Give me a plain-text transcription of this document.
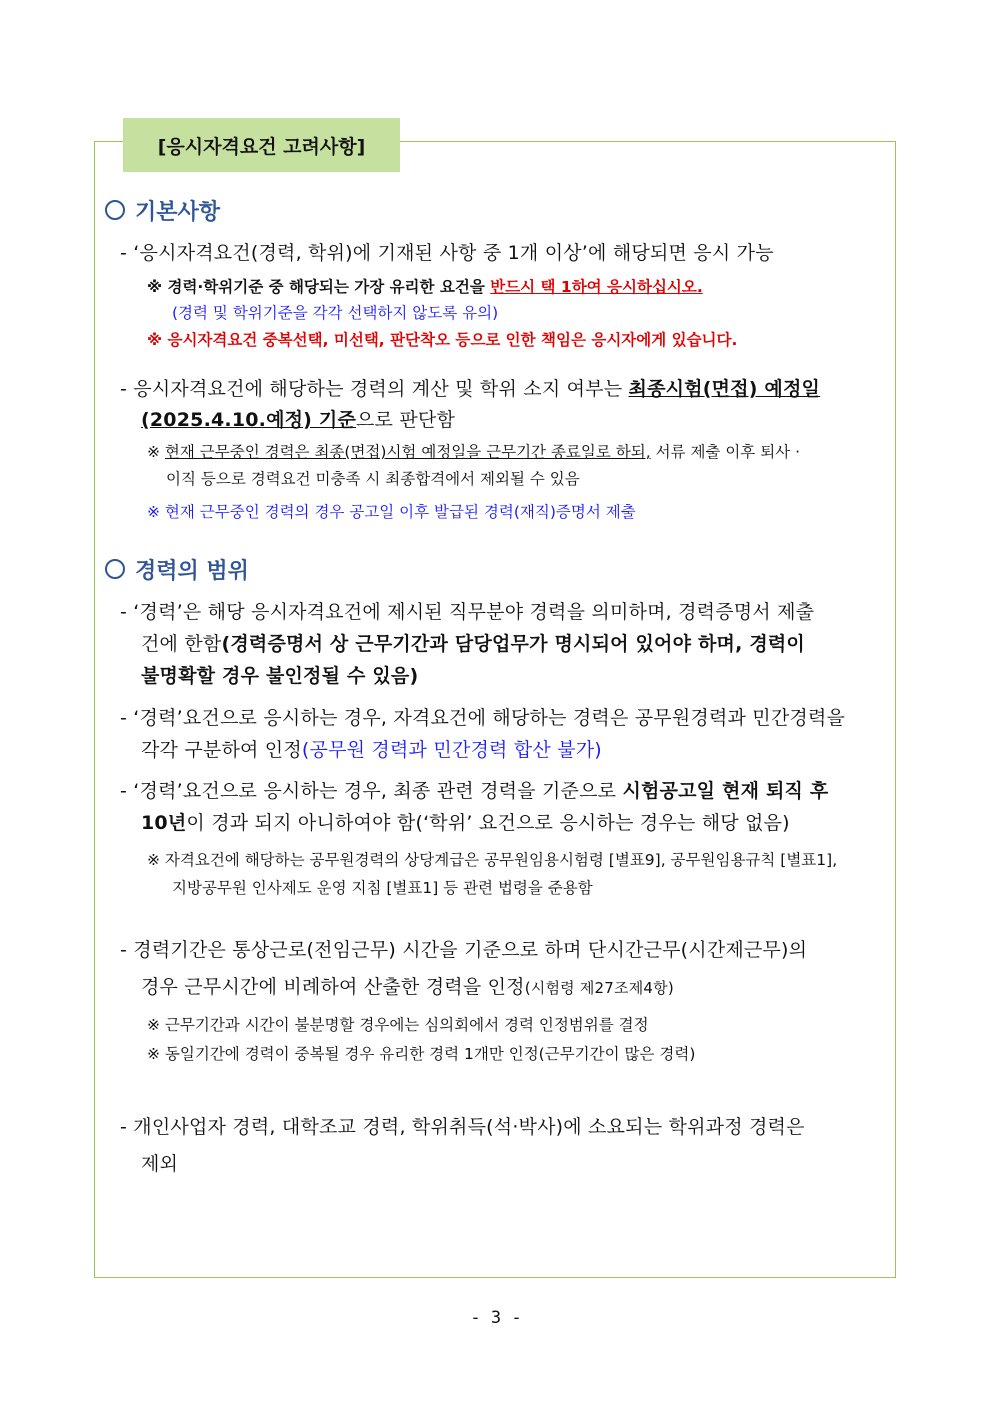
[응시자격요건 고려사항]
기본사항
- ‘응시자격요건(경력, 학위)에 기재된 사항 중 1개 이상’에 해당되면 응시 가능
※ 경력·학위기준 중 해당되는 가장 유리한 요건을 반드시 택 1하여 응시하십시오.
(경력 및 학위기준을 각각 선택하지 않도록 유의)
※ 응시자격요건 중복선택, 미선택, 판단착오 등으로 인한 책임은 응시자에게 있습니다.
- 응시자격요건에 해당하는 경력의 계산 및 학위 소지 여부는 최종시험(면접) 예정일
(2025.4.10.예정) 기준으로 판단함
※ 현재 근무중인 경력은 최종(면접)시험 예정일을 근무기간 종료일로 하되, 서류 제출 이후 퇴사 ·
이직 등으로 경력요건 미충족 시 최종합격에서 제외될 수 있음
※ 현재 근무중인 경력의 경우 공고일 이후 발급된 경력(재직)증명서 제출
경력의 범위
- ‘경력’은 해당 응시자격요건에 제시된 직무분야 경력을 의미하며, 경력증명서 제출
건에 한함(경력증명서 상 근무기간과 담당업무가 명시되어 있어야 하며, 경력이
불명확할 경우 불인정될 수 있음)
- ‘경력’요건으로 응시하는 경우, 자격요건에 해당하는 경력은 공무원경력과 민간경력을
각각 구분하여 인정(공무원 경력과 민간경력 합산 불가)
- ‘경력’요건으로 응시하는 경우, 최종 관련 경력을 기준으로 시험공고일 현재 퇴직 후
10년이 경과 되지 아니하여야 함(‘학위’ 요건으로 응시하는 경우는 해당 없음)
※ 자격요건에 해당하는 공무원경력의 상당계급은 공무원임용시험령 [별표9], 공무원임용규칙 [별표1],
지방공무원 인사제도 운영 지침 [별표1] 등 관련 법령을 준용함
- 경력기간은 통상근로(전임근무) 시간을 기준으로 하며 단시간근무(시간제근무)의
경우 근무시간에 비례하여 산출한 경력을 인정(시험령 제27조제4항)
※ 근무기간과 시간이 불분명할 경우에는 심의회에서 경력 인정범위를 결정
※ 동일기간에 경력이 중복될 경우 유리한 경력 1개만 인정(근무기간이 많은 경력)
- 개인사업자 경력, 대학조교 경력, 학위취득(석·박사)에 소요되는 학위과정 경력은
제외
- 3 -
